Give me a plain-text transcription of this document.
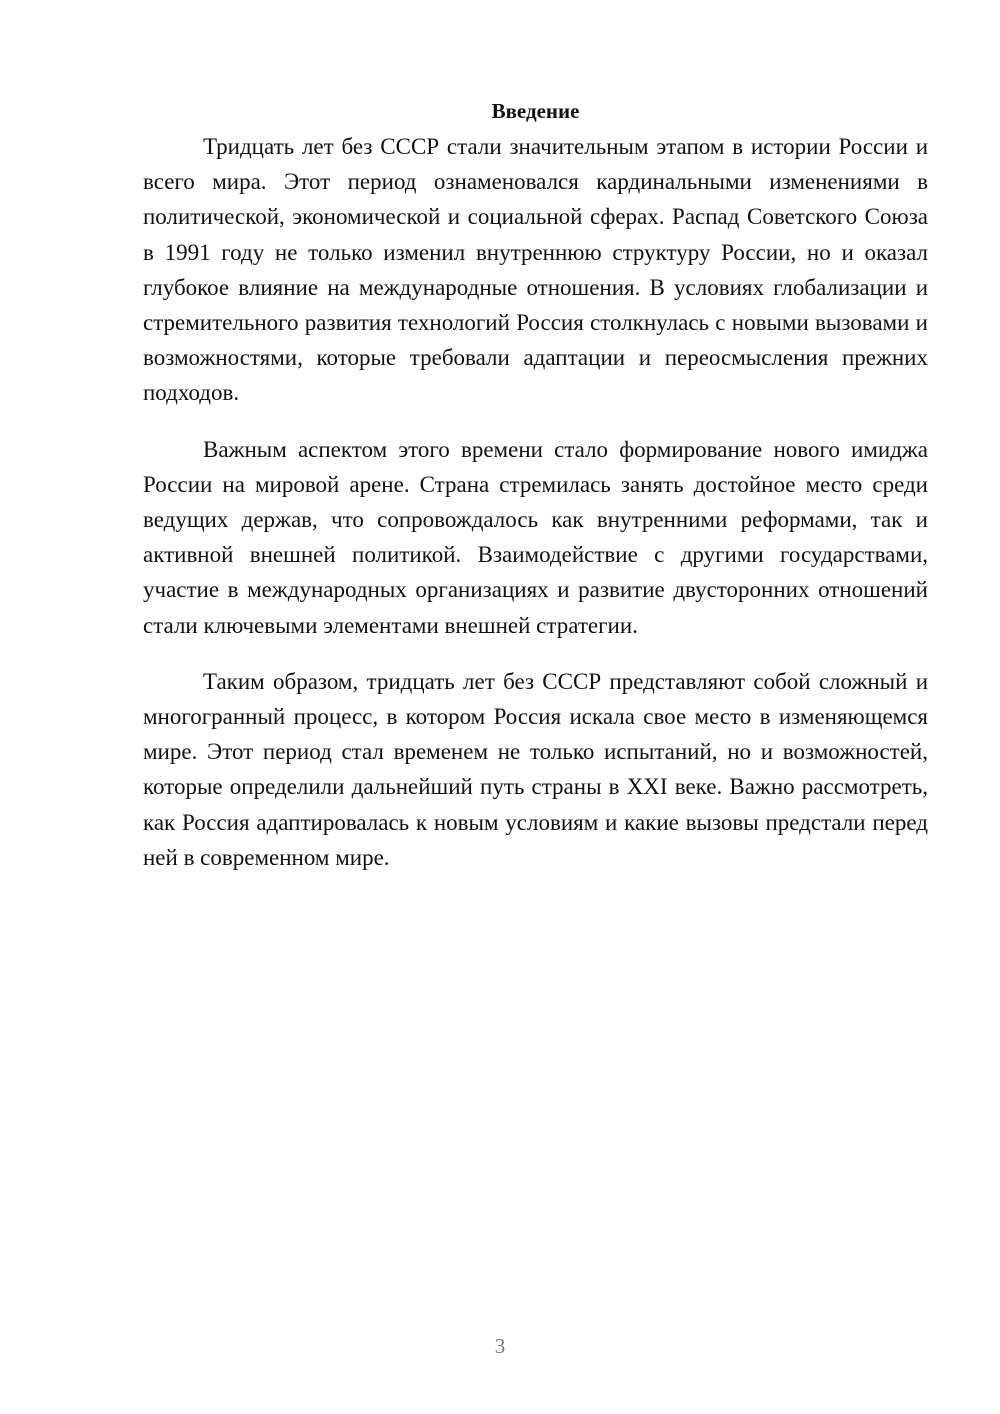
Введение

Тридцать лет без СССР стали значительным этапом в истории России и всего мира. Этот период ознаменовался кардинальными изменениями в политической, экономической и социальной сферах. Распад Советского Союза в 1991 году не только изменил внутреннюю структуру России, но и оказал глубокое влияние на международные отношения. В условиях глобализации и стремительного развития технологий Россия столкнулась с новыми вызовами и возможностями, которые требовали адаптации и переосмысления прежних подходов.

Важным аспектом этого времени стало формирование нового имиджа России на мировой арене. Страна стремилась занять достойное место среди ведущих держав, что сопровождалось как внутренними реформами, так и активной внешней политикой. Взаимодействие с другими государствами, участие в международных организациях и развитие двусторонних отношений стали ключевыми элементами внешней стратегии.

Таким образом, тридцать лет без СССР представляют собой сложный и многогранный процесс, в котором Россия искала свое место в изменяющемся мире. Этот период стал временем не только испытаний, но и возможностей, которые определили дальнейший путь страны в XXI веке. Важно рассмотреть, как Россия адаптировалась к новым условиям и какие вызовы предстали перед ней в современном мире.

3
